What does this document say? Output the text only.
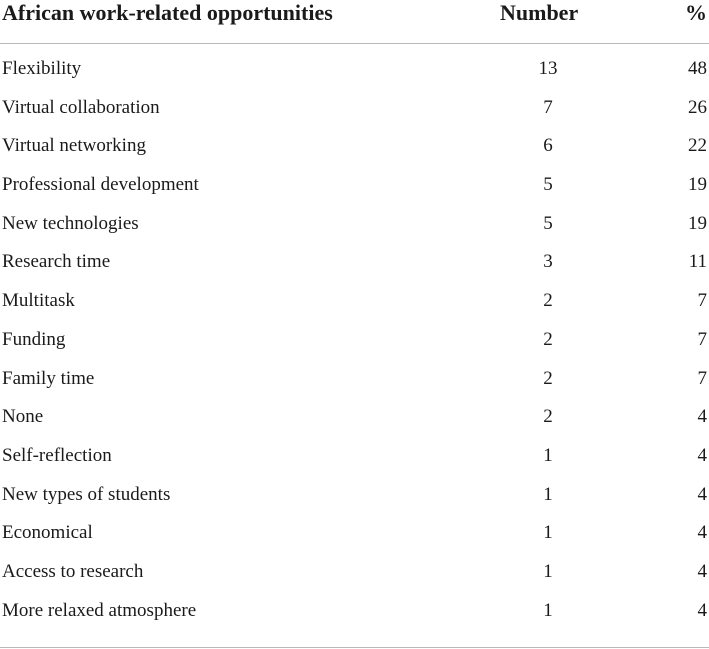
African work-related opportunities	Number	%
Flexibility	13	48
Virtual collaboration	7	26
Virtual networking	6	22
Professional development	5	19
New technologies	5	19
Research time	3	11
Multitask	2	7
Funding	2	7
Family time	2	7
None	2	4
Self-reflection	1	4
New types of students	1	4
Economical	1	4
Access to research	1	4
More relaxed atmosphere	1	4
